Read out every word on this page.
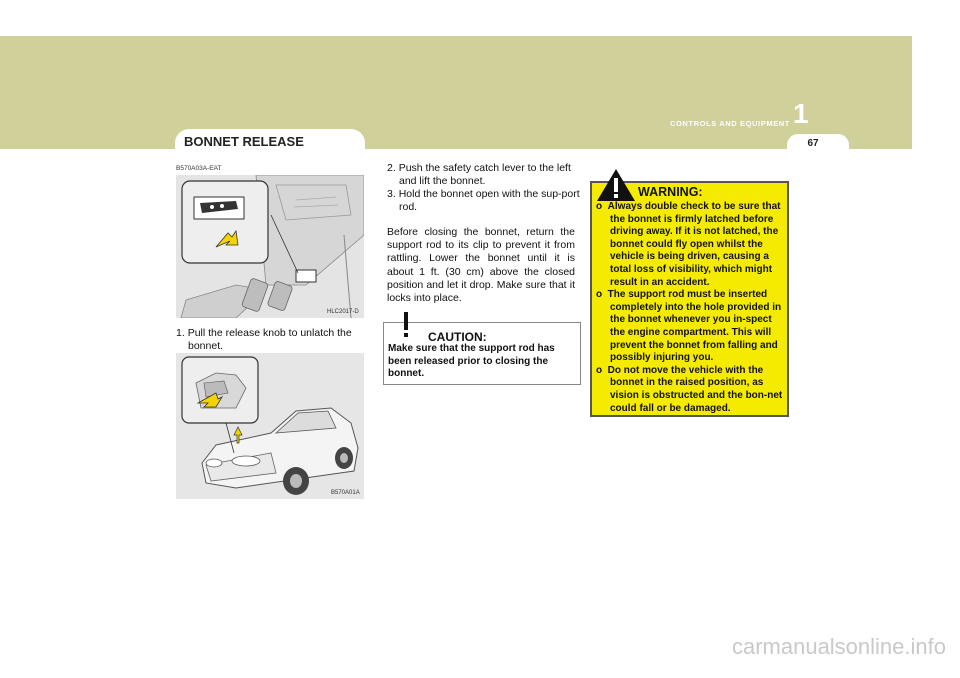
CONTROLS AND EQUIPMENT 1
67
BONNET RELEASE
B570A03A-EAT
HLC2017-D
1. Pull the release knob to unlatch the bonnet.
B570A01A
2. Push the safety catch lever to the left and lift the bonnet.
3. Hold the bonnet open with the sup-port rod.

Before closing the bonnet, return the support rod to its clip to prevent it from rattling. Lower the bonnet until it is about 1 ft. (30 cm) above the closed position and let it drop. Make sure that it locks into place.

CAUTION:
Make sure that the support rod has been released prior to closing the bonnet.
WARNING:
o Always double check to be sure that the bonnet is firmly latched before driving away. If it is not latched, the bonnet could fly open whilst the vehicle is being driven, causing a total loss of visibility, which might result in an accident.
o The support rod must be inserted completely into the hole provided in the bonnet whenever you in-spect the engine compartment. This will prevent the bonnet from falling and possibly injuring you.
o Do not move the vehicle with the bonnet in the raised position, as vision is obstructed and the bon-net could fall or be damaged.
carmanualsonline.info
